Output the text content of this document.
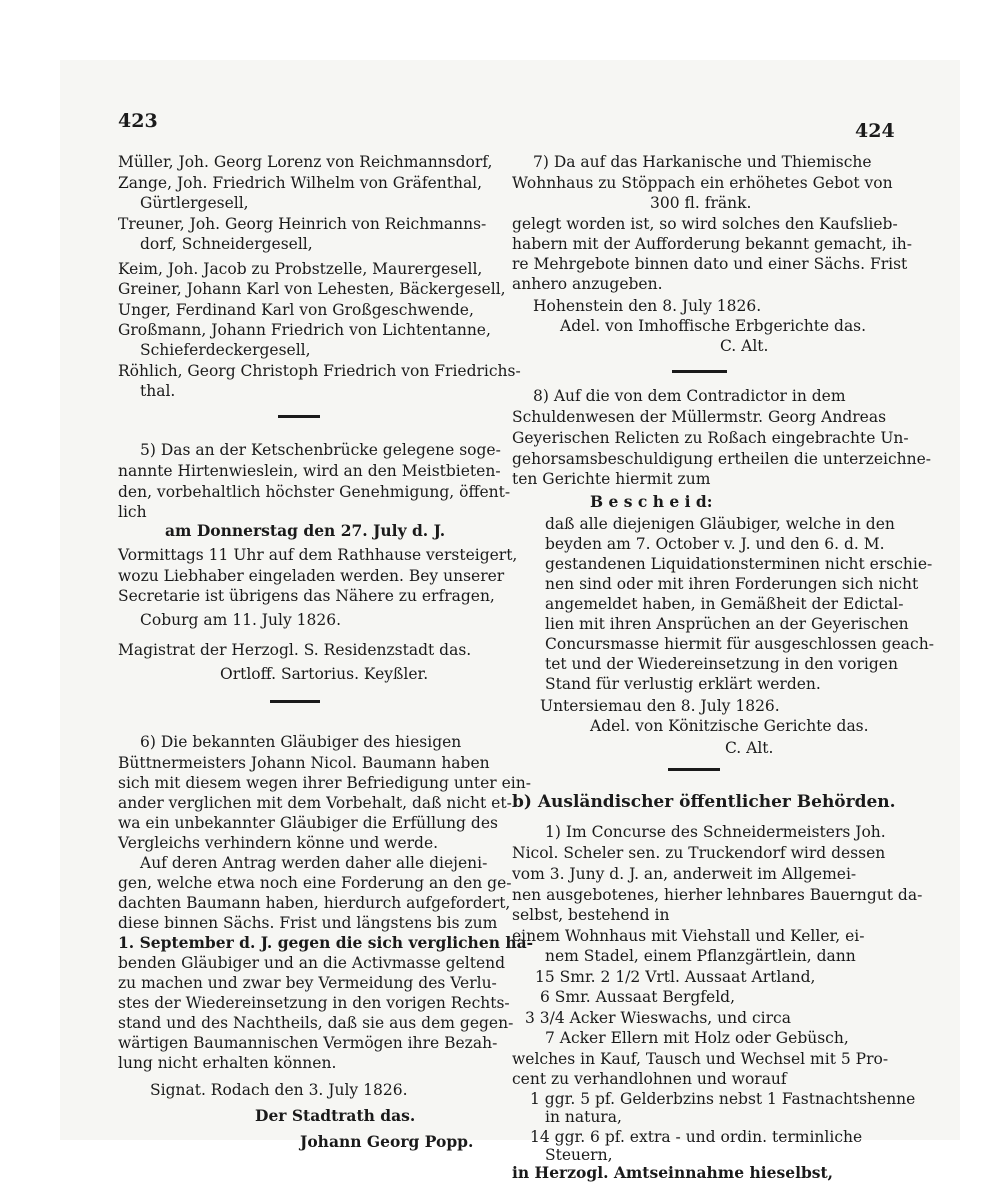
423	424
Müller, Joh. Georg Lorenz von Reichmannsdorf,
Zange, Joh. Friedrich Wilhelm von Gräfenthal,
Gürtlergesell,
Treuner, Joh. Georg Heinrich von Reichmanns-
dorf, Schneidergesell,
Keim, Joh. Jacob zu Probstzelle, Maurergesell,
Greiner, Johann Karl von Lehesten, Bäckergesell,
Unger, Ferdinand Karl von Großgeschwende,
Großmann, Johann Friedrich von Lichtentanne,
Schieferdeckergesell,
Röhlich, Georg Christoph Friedrich von Friedrichs-
thal.
5) Das an der Ketschenbrücke gelegene soge-
nannte Hirtenwieslein, wird an den Meistbieten-
den, vorbehaltlich höchster Genehmigung, öffent-
lich
am Donnerstag den 27. July d. J.
Vormittags 11 Uhr auf dem Rathhause versteigert,
wozu Liebhaber eingeladen werden. Bey unserer
Secretarie ist übrigens das Nähere zu erfragen,
Coburg am 11. July 1826.
Magistrat der Herzogl. S. Residenzstadt das.
Ortloff. Sartorius. Keyßler.
6) Die bekannten Gläubiger des hiesigen
Büttnermeisters Johann Nicol. Baumann haben
sich mit diesem wegen ihrer Befriedigung unter ein-
ander verglichen mit dem Vorbehalt, daß nicht et-
wa ein unbekannter Gläubiger die Erfüllung des
Vergleichs verhindern könne und werde.
Auf deren Antrag werden daher alle diejeni-
gen, welche etwa noch eine Forderung an den ge-
dachten Baumann haben, hierdurch aufgefordert,
diese binnen Sächs. Frist und längstens bis zum
1. September d. J. gegen die sich verglichen ha-
benden Gläubiger und an die Activmasse geltend
zu machen und zwar bey Vermeidung des Verlu-
stes der Wiedereinsetzung in den vorigen Rechts-
stand und des Nachtheils, daß sie aus dem gegen-
wärtigen Baumannischen Vermögen ihre Bezah-
lung nicht erhalten können.
Signat. Rodach den 3. July 1826.
Der Stadtrath das.
Johann Georg Popp.
7) Da auf das Harkanische und Thiemische
Wohnhaus zu Stöppach ein erhöhetes Gebot von
300 fl. fränk.
gelegt worden ist, so wird solches den Kaufslieb-
habern mit der Aufforderung bekannt gemacht, ih-
re Mehrgebote binnen dato und einer Sächs. Frist
anhero anzugeben.
Hohenstein den 8. July 1826.
Adel. von Imhoffische Erbgerichte das.
C. Alt.
8) Auf die von dem Contradictor in dem
Schuldenwesen der Müllermstr. Georg Andreas
Geyerischen Relicten zu Roßach eingebrachte Un-
gehorsamsbeschuldigung ertheilen die unterzeichne-
ten Gerichte hiermit zum
B e s c h e i d:
daß alle diejenigen Gläubiger, welche in den
beyden am 7. October v. J. und den 6. d. M.
gestandenen Liquidationsterminen nicht erschie-
nen sind oder mit ihren Forderungen sich nicht
angemeldet haben, in Gemäßheit der Edictal-
lien mit ihren Ansprüchen an der Geyerischen
Concursmasse hiermit für ausgeschlossen geach-
tet und der Wiedereinsetzung in den vorigen
Stand für verlustig erklärt werden.
Untersiemau den 8. July 1826.
Adel. von Könitzische Gerichte das.
C. Alt.
b) Ausländischer öffentlicher Behörden.
1) Im Concurse des Schneidermeisters Joh.
Nicol. Scheler sen. zu Truckendorf wird dessen
vom 3. Juny d. J. an, anderweit im Allgemei-
nen ausgebotenes, hierher lehnbares Bauerngut da-
selbst, bestehend in
einem Wohnhaus mit Viehstall und Keller, ei-
nem Stadel, einem Pflanzgärtlein, dann
15 Smr. 2 1/2 Vrtl. Aussaat Artland,
6 Smr. Aussaat Bergfeld,
3 3/4 Acker Wieswachs, und circa
7 Acker Ellern mit Holz oder Gebüsch,
welches in Kauf, Tausch und Wechsel mit 5 Pro-
cent zu verhandlohnen und worauf
1 ggr. 5 pf. Gelderbzins nebst 1 Fastnachtshenne
in natura,
14 ggr. 6 pf. extra - und ordin. terminliche
Steuern,
in Herzogl. Amtseinnahme hieselbst,
